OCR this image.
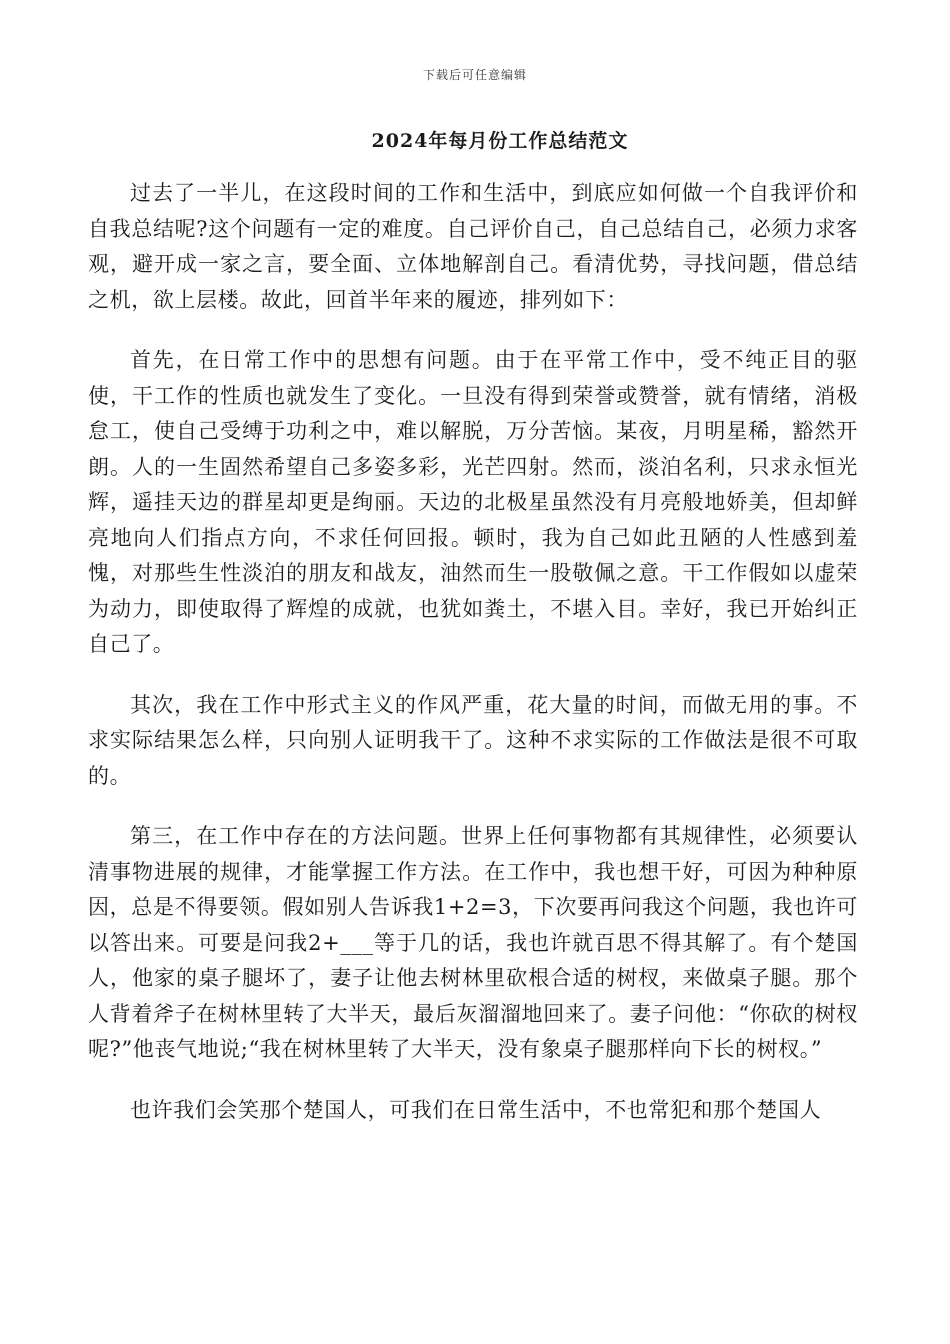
下载后可任意编辑
2024年每月份工作总结范文

过去了一半儿，在这段时间的工作和生活中，到底应如何做一个自我评价和自我总结呢?这个问题有一定的难度。自己评价自己，自己总结自己，必须力求客观，避开成一家之言，要全面、立体地解剖自己。看清优势，寻找问题，借总结之机，欲上层楼。故此，回首半年来的履迹，排列如下：

首先，在日常工作中的思想有问题。由于在平常工作中，受不纯正目的驱使，干工作的性质也就发生了变化。一旦没有得到荣誉或赞誉，就有情绪，消极怠工，使自己受缚于功利之中，难以解脱，万分苦恼。某夜，月明星稀，豁然开朗。人的一生固然希望自己多姿多彩，光芒四射。然而，淡泊名利，只求永恒光辉，遥挂天边的群星却更是绚丽。天边的北极星虽然没有月亮般地娇美，但却鲜亮地向人们指点方向，不求任何回报。顿时，我为自己如此丑陋的人性感到羞愧，对那些生性淡泊的朋友和战友，油然而生一股敬佩之意。干工作假如以虚荣为动力，即使取得了辉煌的成就，也犹如粪土，不堪入目。幸好，我已开始纠正自己了。

其次，我在工作中形式主义的作风严重，花大量的时间，而做无用的事。不求实际结果怎么样，只向别人证明我干了。这种不求实际的工作做法是很不可取的。

第三，在工作中存在的方法问题。世界上任何事物都有其规律性，必须要认清事物进展的规律，才能掌握工作方法。在工作中，我也想干好，可因为种种原因，总是不得要领。假如别人告诉我1+2=3，下次要再问我这个问题，我也许可以答出来。可要是问我2+___等于几的话，我也许就百思不得其解了。有个楚国人，他家的桌子腿坏了，妻子让他去树林里砍根合适的树杈，来做桌子腿。那个人背着斧子在树林里转了大半天，最后灰溜溜地回来了。妻子问他：“你砍的树杈呢?”他丧气地说;“我在树林里转了大半天，没有象桌子腿那样向下长的树杈。”

也许我们会笑那个楚国人，可我们在日常生活中，不也常犯和那个楚国人
